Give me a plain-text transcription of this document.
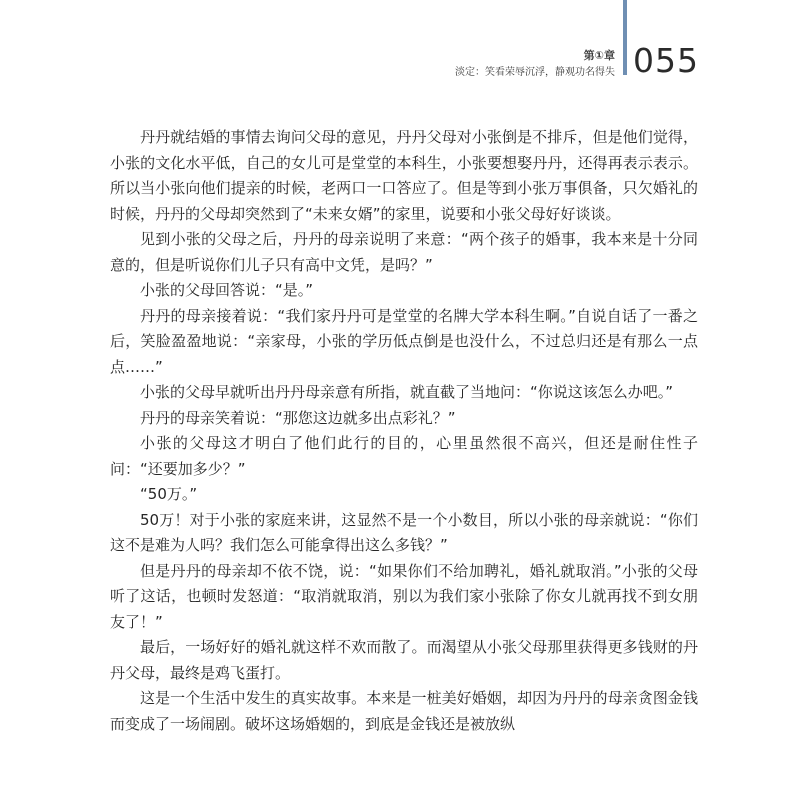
第①章
淡定：笑看荣辱沉浮，静观功名得失 055

丹丹就结婚的事情去询问父母的意见，丹丹父母对小张倒是不排斥，但是他们觉得，小张的文化水平低，自己的女儿可是堂堂的本科生，小张要想娶丹丹，还得再表示表示。所以当小张向他们提亲的时候，老两口一口答应了。但是等到小张万事俱备，只欠婚礼的时候，丹丹的父母却突然到了“未来女婿”的家里，说要和小张父母好好谈谈。

见到小张的父母之后，丹丹的母亲说明了来意：“两个孩子的婚事，我本来是十分同意的，但是听说你们儿子只有高中文凭，是吗？”

小张的父母回答说：“是。”

丹丹的母亲接着说：“我们家丹丹可是堂堂的名牌大学本科生啊。”自说自话了一番之后，笑脸盈盈地说：“亲家母，小张的学历低点倒是也没什么，不过总归还是有那么一点点……”

小张的父母早就听出丹丹母亲意有所指，就直截了当地问：“你说这该怎么办吧。”

丹丹的母亲笑着说：“那您这边就多出点彩礼？”

小张的父母这才明白了他们此行的目的，心里虽然很不高兴，但还是耐住性子问：“还要加多少？”

“50万。”

50万！对于小张的家庭来讲，这显然不是一个小数目，所以小张的母亲就说：“你们这不是难为人吗？我们怎么可能拿得出这么多钱？”

但是丹丹的母亲却不依不饶，说：“如果你们不给加聘礼，婚礼就取消。”小张的父母听了这话，也顿时发怒道：“取消就取消，别以为我们家小张除了你女儿就再找不到女朋友了！”

最后，一场好好的婚礼就这样不欢而散了。而渴望从小张父母那里获得更多钱财的丹丹父母，最终是鸡飞蛋打。

这是一个生活中发生的真实故事。本来是一桩美好婚姻，却因为丹丹的母亲贪图金钱而变成了一场闹剧。破坏这场婚姻的，到底是金钱还是被放纵
